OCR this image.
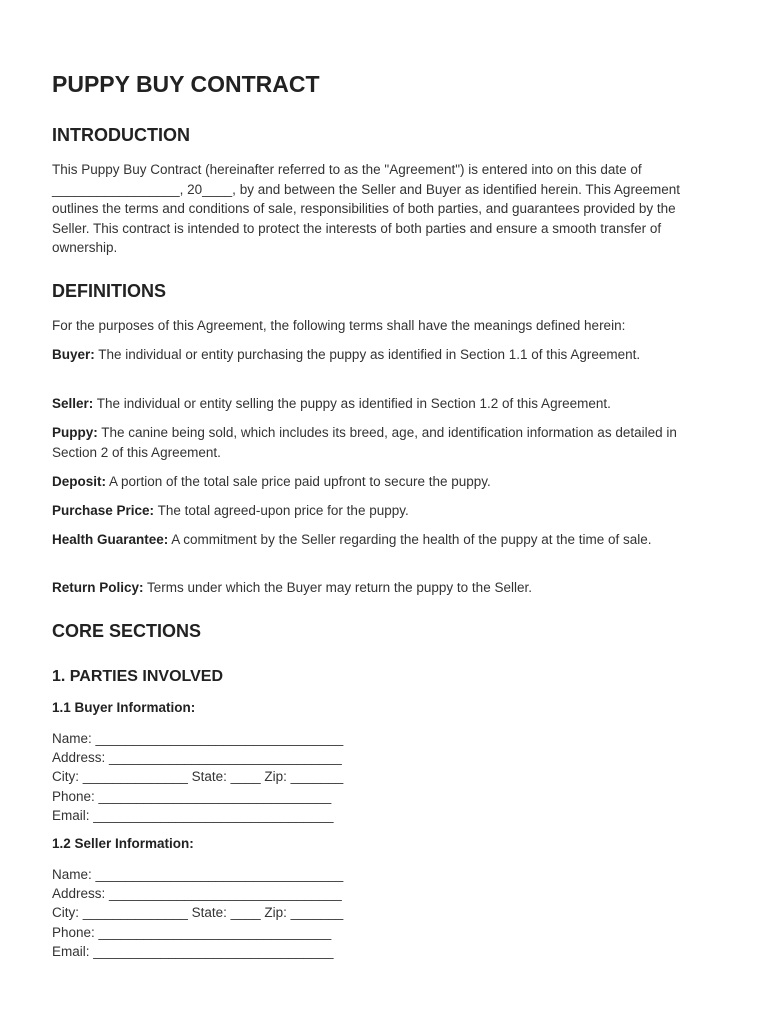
PUPPY BUY CONTRACT
INTRODUCTION

This Puppy Buy Contract (hereinafter referred to as the "Agreement") is entered into on this date of _________________, 20____, by and between the Seller and Buyer as identified herein. This Agreement outlines the terms and conditions of sale, responsibilities of both parties, and guarantees provided by the Seller. This contract is intended to protect the interests of both parties and ensure a smooth transfer of ownership.

DEFINITIONS

For the purposes of this Agreement, the following terms shall have the meanings defined herein:

Buyer: The individual or entity purchasing the puppy as identified in Section 1.1 of this Agreement.

Seller: The individual or entity selling the puppy as identified in Section 1.2 of this Agreement.

Puppy: The canine being sold, which includes its breed, age, and identification information as detailed in Section 2 of this Agreement.

Deposit: A portion of the total sale price paid upfront to secure the puppy.

Purchase Price: The total agreed-upon price for the puppy.

Health Guarantee: A commitment by the Seller regarding the health of the puppy at the time of sale.

Return Policy: Terms under which the Buyer may return the puppy to the Seller.

CORE SECTIONS
1. PARTIES INVOLVED
1.1 Buyer Information:
Name: _________________________________
Address: _______________________________
City: ______________ State: ____ Zip: _______
Phone: _______________________________
Email: ________________________________
1.2 Seller Information:
Name: _________________________________
Address: _______________________________
City: ______________ State: ____ Zip: _______
Phone: _______________________________
Email: ________________________________
